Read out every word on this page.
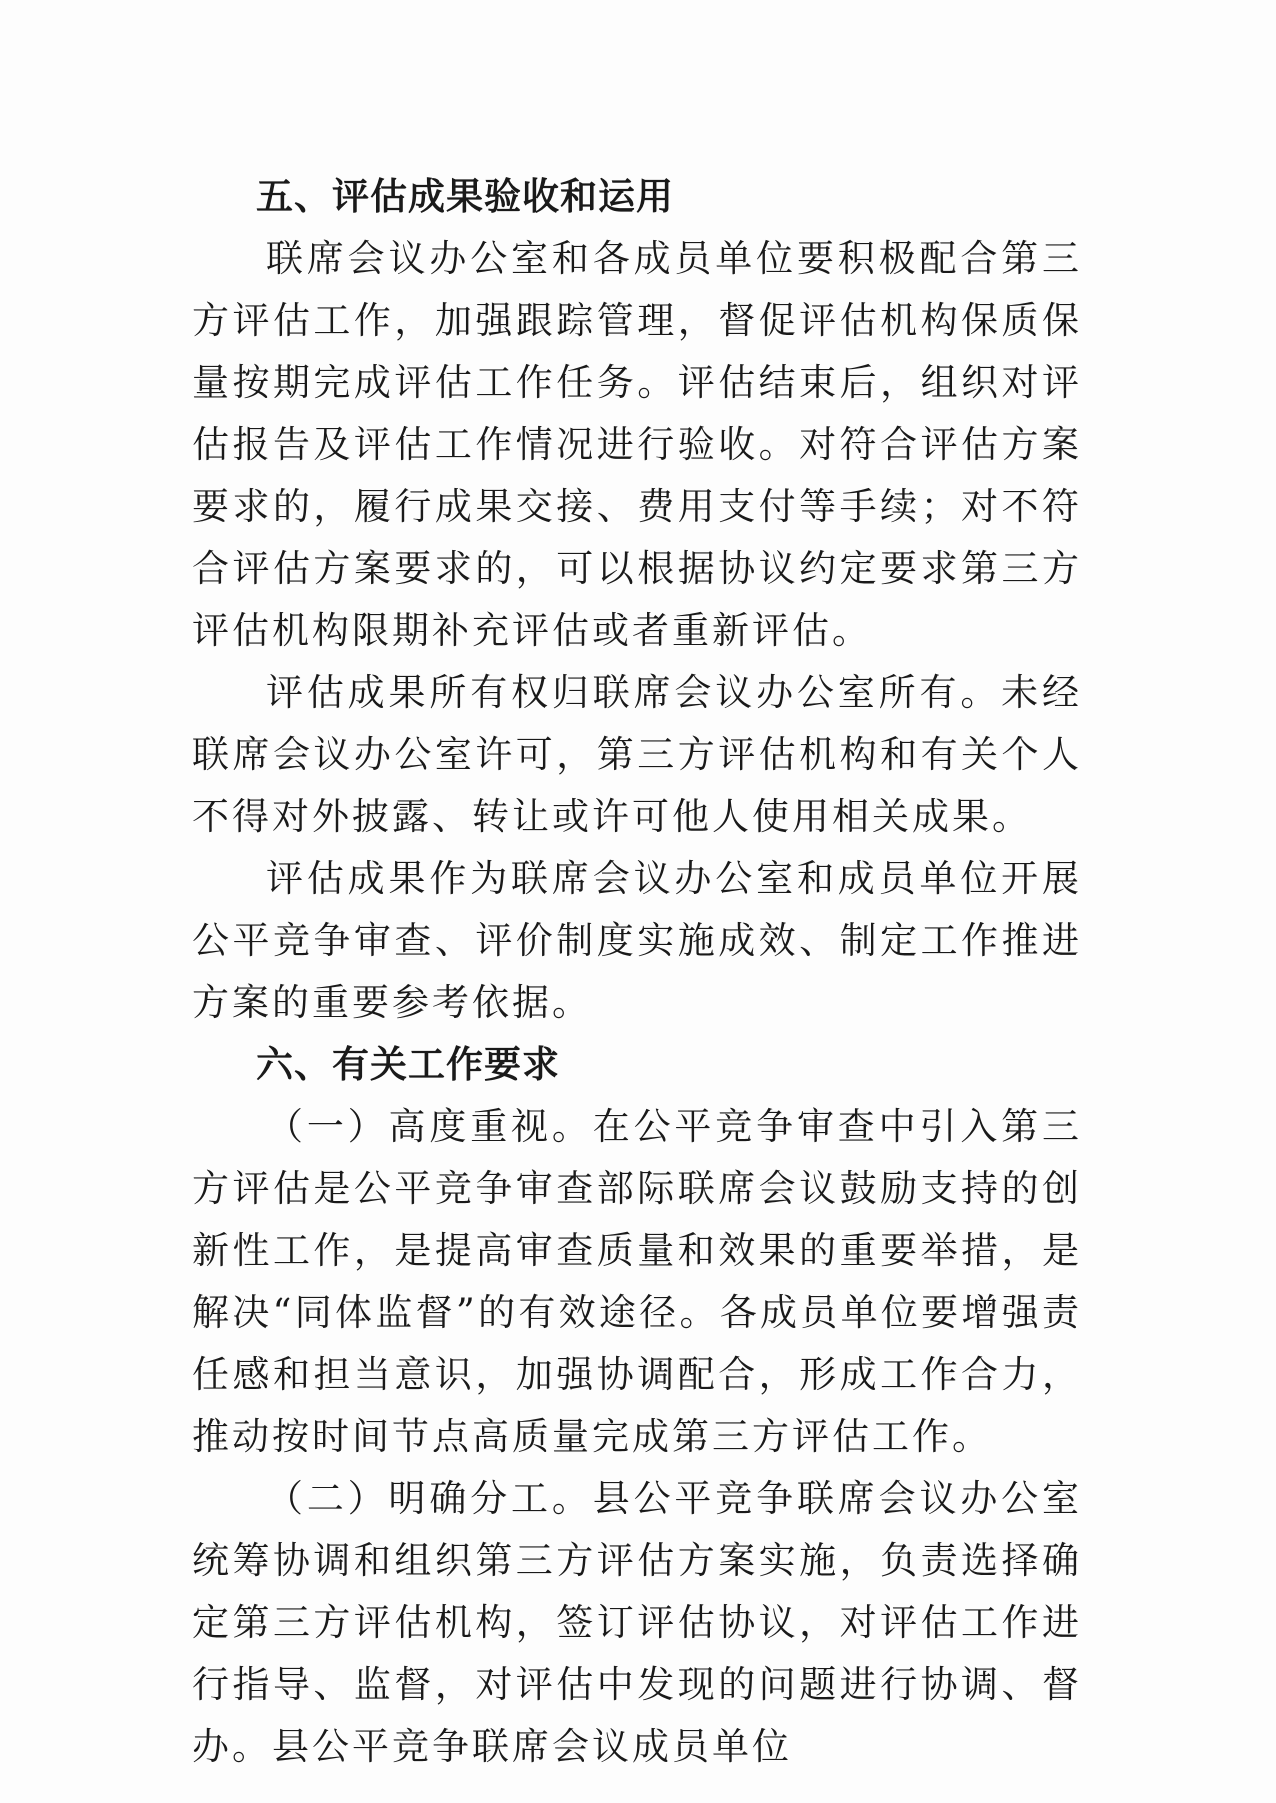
五、评估成果验收和运用

联席会议办公室和各成员单位要积极配合第三方评估工作，加强跟踪管理，督促评估机构保质保量按期完成评估工作任务。评估结束后，组织对评估报告及评估工作情况进行验收。对符合评估方案要求的，履行成果交接、费用支付等手续；对不符合评估方案要求的，可以根据协议约定要求第三方评估机构限期补充评估或者重新评估。

评估成果所有权归联席会议办公室所有。未经联席会议办公室许可，第三方评估机构和有关个人不得对外披露、转让或许可他人使用相关成果。

评估成果作为联席会议办公室和成员单位开展公平竞争审查、评价制度实施成效、制定工作推进方案的重要参考依据。

六、有关工作要求

（一）高度重视。在公平竞争审查中引入第三方评估是公平竞争审查部际联席会议鼓励支持的创新性工作，是提高审查质量和效果的重要举措，是解决“同体监督”的有效途径。各成员单位要增强责任感和担当意识，加强协调配合，形成工作合力，推动按时间节点高质量完成第三方评估工作。

（二）明确分工。县公平竞争联席会议办公室统筹协调和组织第三方评估方案实施，负责选择确定第三方评估机构，签订评估协议，对评估工作进行指导、监督，对评估中发现的问题进行协调、督办。县公平竞争联席会议成员单位
